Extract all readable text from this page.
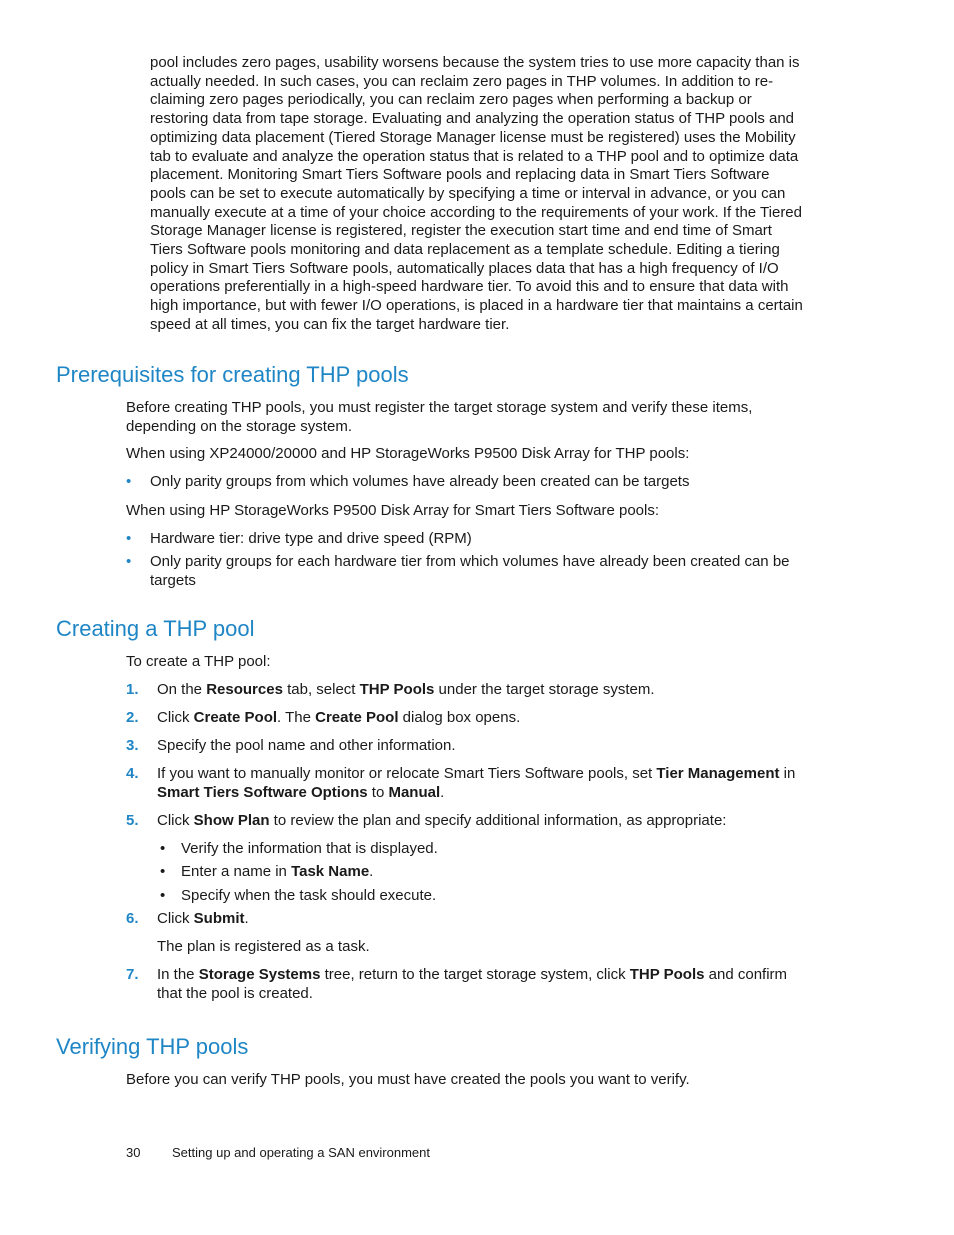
pool includes zero pages, usability worsens because the system tries to use more capacity than is actually needed. In such cases, you can reclaim zero pages in THP volumes. In addition to re-claiming zero pages periodically, you can reclaim zero pages when performing a backup or restoring data from tape storage. Evaluating and analyzing the operation status of THP pools and optimizing data placement (Tiered Storage Manager license must be registered) uses the Mobility tab to evaluate and analyze the operation status that is related to a THP pool and to optimize data placement. Monitoring Smart Tiers Software pools and replacing data in Smart Tiers Software pools can be set to execute automatically by specifying a time or interval in advance, or you can manually execute at a time of your choice according to the requirements of your work. If the Tiered Storage Manager license is registered, register the execution start time and end time of Smart Tiers Software pools monitoring and data replacement as a template schedule. Editing a tiering policy in Smart Tiers Software pools, automatically places data that has a high frequency of I/O operations preferentially in a high-speed hardware tier. To avoid this and to ensure that data with high importance, but with fewer I/O operations, is placed in a hardware tier that maintains a certain speed at all times, you can fix the target hardware tier.

Prerequisites for creating THP pools

Before creating THP pools, you must register the target storage system and verify these items, depending on the storage system.

When using XP24000/20000 and HP StorageWorks P9500 Disk Array for THP pools:

• Only parity groups from which volumes have already been created can be targets

When using HP StorageWorks P9500 Disk Array for Smart Tiers Software pools:

• Hardware tier: drive type and drive speed (RPM)
• Only parity groups for each hardware tier from which volumes have already been created can be targets
Creating a THP pool

To create a THP pool:

1. On the Resources tab, select THP Pools under the target storage system.
2. Click Create Pool. The Create Pool dialog box opens.
3. Specify the pool name and other information.
4. If you want to manually monitor or relocate Smart Tiers Software pools, set Tier Management in Smart Tiers Software Options to Manual.
5. Click Show Plan to review the plan and specify additional information, as appropriate:
• Verify the information that is displayed.
• Enter a name in Task Name.
• Specify when the task should execute.
6. Click Submit.

The plan is registered as a task.

7. In the Storage Systems tree, return to the target storage system, click THP Pools and confirm that the pool is created.
Verifying THP pools

Before you can verify THP pools, you must have created the pools you want to verify.

30 Setting up and operating a SAN environment
